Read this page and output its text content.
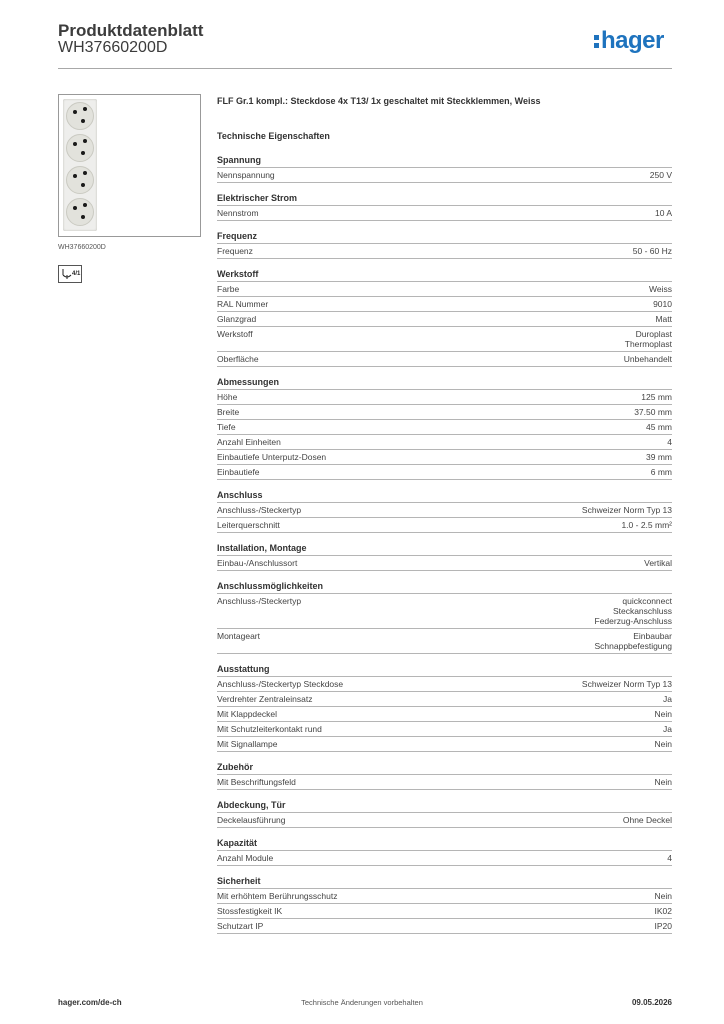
Produktdatenblatt
WH37660200D	hager
WH37660200D
4/1
FLF Gr.1 kompl.: Steckdose 4x T13/ 1x geschaltet mit Steckklemmen, Weiss
Technische Eigenschaften
Spannung
Nennspannung	250 V
Elektrischer Strom
Nennstrom	10 A
Frequenz
Frequenz	50 - 60 Hz
Werkstoff
Farbe	Weiss
RAL Nummer	9010
Glanzgrad	Matt
Werkstoff	Duroplast
Thermoplast
Oberfläche	Unbehandelt
Abmessungen
Höhe	125 mm
Breite	37.50 mm
Tiefe	45 mm
Anzahl Einheiten	4
Einbautiefe Unterputz-Dosen	39 mm
Einbautiefe	6 mm
Anschluss
Anschluss-/Steckertyp	Schweizer Norm Typ 13
Leiterquerschnitt	1.0 - 2.5 mm²
Installation, Montage
Einbau-/Anschlussort	Vertikal
Anschlussmöglichkeiten
Anschluss-/Steckertyp	quickconnect
Steckanschluss
Federzug-Anschluss
Montageart	Einbaubar
Schnappbefestigung
Ausstattung
Anschluss-/Steckertyp Steckdose	Schweizer Norm Typ 13
Verdrehter Zentraleinsatz	Ja
Mit Klappdeckel	Nein
Mit Schutzleiterkontakt rund	Ja
Mit Signallampe	Nein
Zubehör
Mit Beschriftungsfeld	Nein
Abdeckung, Tür
Deckelausführung	Ohne Deckel
Kapazität
Anzahl Module	4
Sicherheit
Mit erhöhtem Berührungsschutz	Nein
Stossfestigkeit IK	IK02
Schutzart IP	IP20
hager.com/de-ch	Technische Änderungen vorbehalten	09.05.2026
